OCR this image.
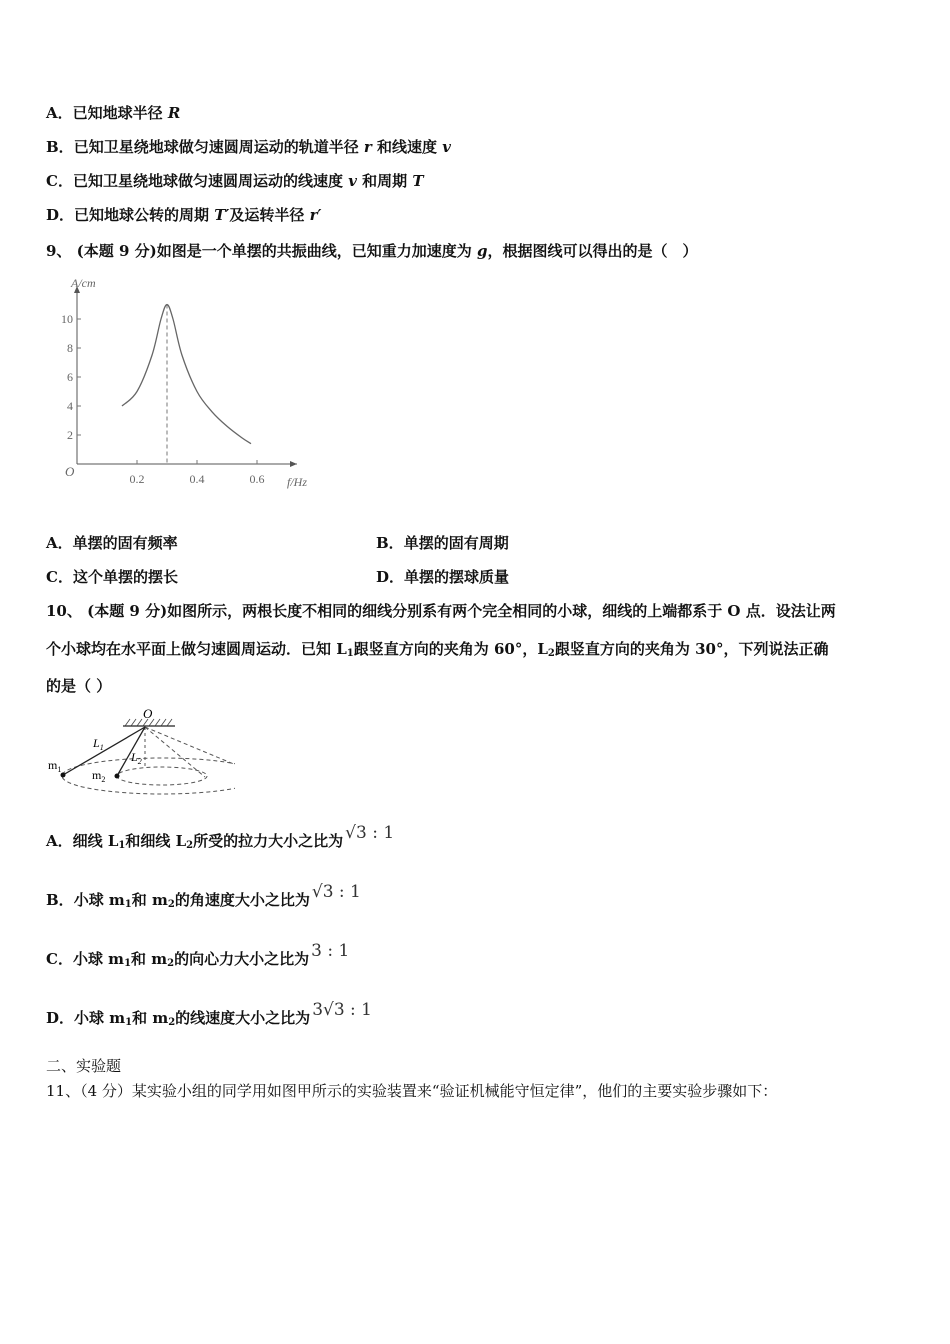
A．已知地球半径 R
B．已知卫星绕地球做匀速圆周运动的轨道半径 r 和线速度 v
C．已知卫星绕地球做匀速圆周运动的线速度 v 和周期 T
D．已知地球公转的周期 T′及运转半径 r′
9、 (本题 9 分)如图是一个单摆的共振曲线，已知重力加速度为 g，根据图线可以得出的是（　）
A/cm
f/Hz
O
10
8
6
4
2
0.2	0.4	0.6
A．单摆的固有频率	B．单摆的固有周期
C．这个单摆的摆长	D．单摆的摆球质量
10、 (本题 9 分)如图所示，两根长度不相同的细线分别系有两个完全相同的小球，细线的上端都系于 O 点．设法让两
个小球均在水平面上做匀速圆周运动．已知 $L_1$跟竖直方向的夹角为 60°，$L_2$跟竖直方向的夹角为 30°，下列说法正确
的是（ ）
O
$L_1$
$L_2$
$m_1$	$m_2$
A．细线 $L_1$和细线 $L_2$所受的拉力大小之比为 √3 : 1
B．小球 $m_1$和 $m_2$的角速度大小之比为 √3 : 1
C．小球 $m_1$和 $m_2$的向心力大小之比为 3 : 1
D．小球 $m_1$和 $m_2$的线速度大小之比为 3√3 : 1
二、实验题
11、（4 分）某实验小组的同学用如图甲所示的实验装置来“验证机械能守恒定律”，他们的主要实验步骤如下：
